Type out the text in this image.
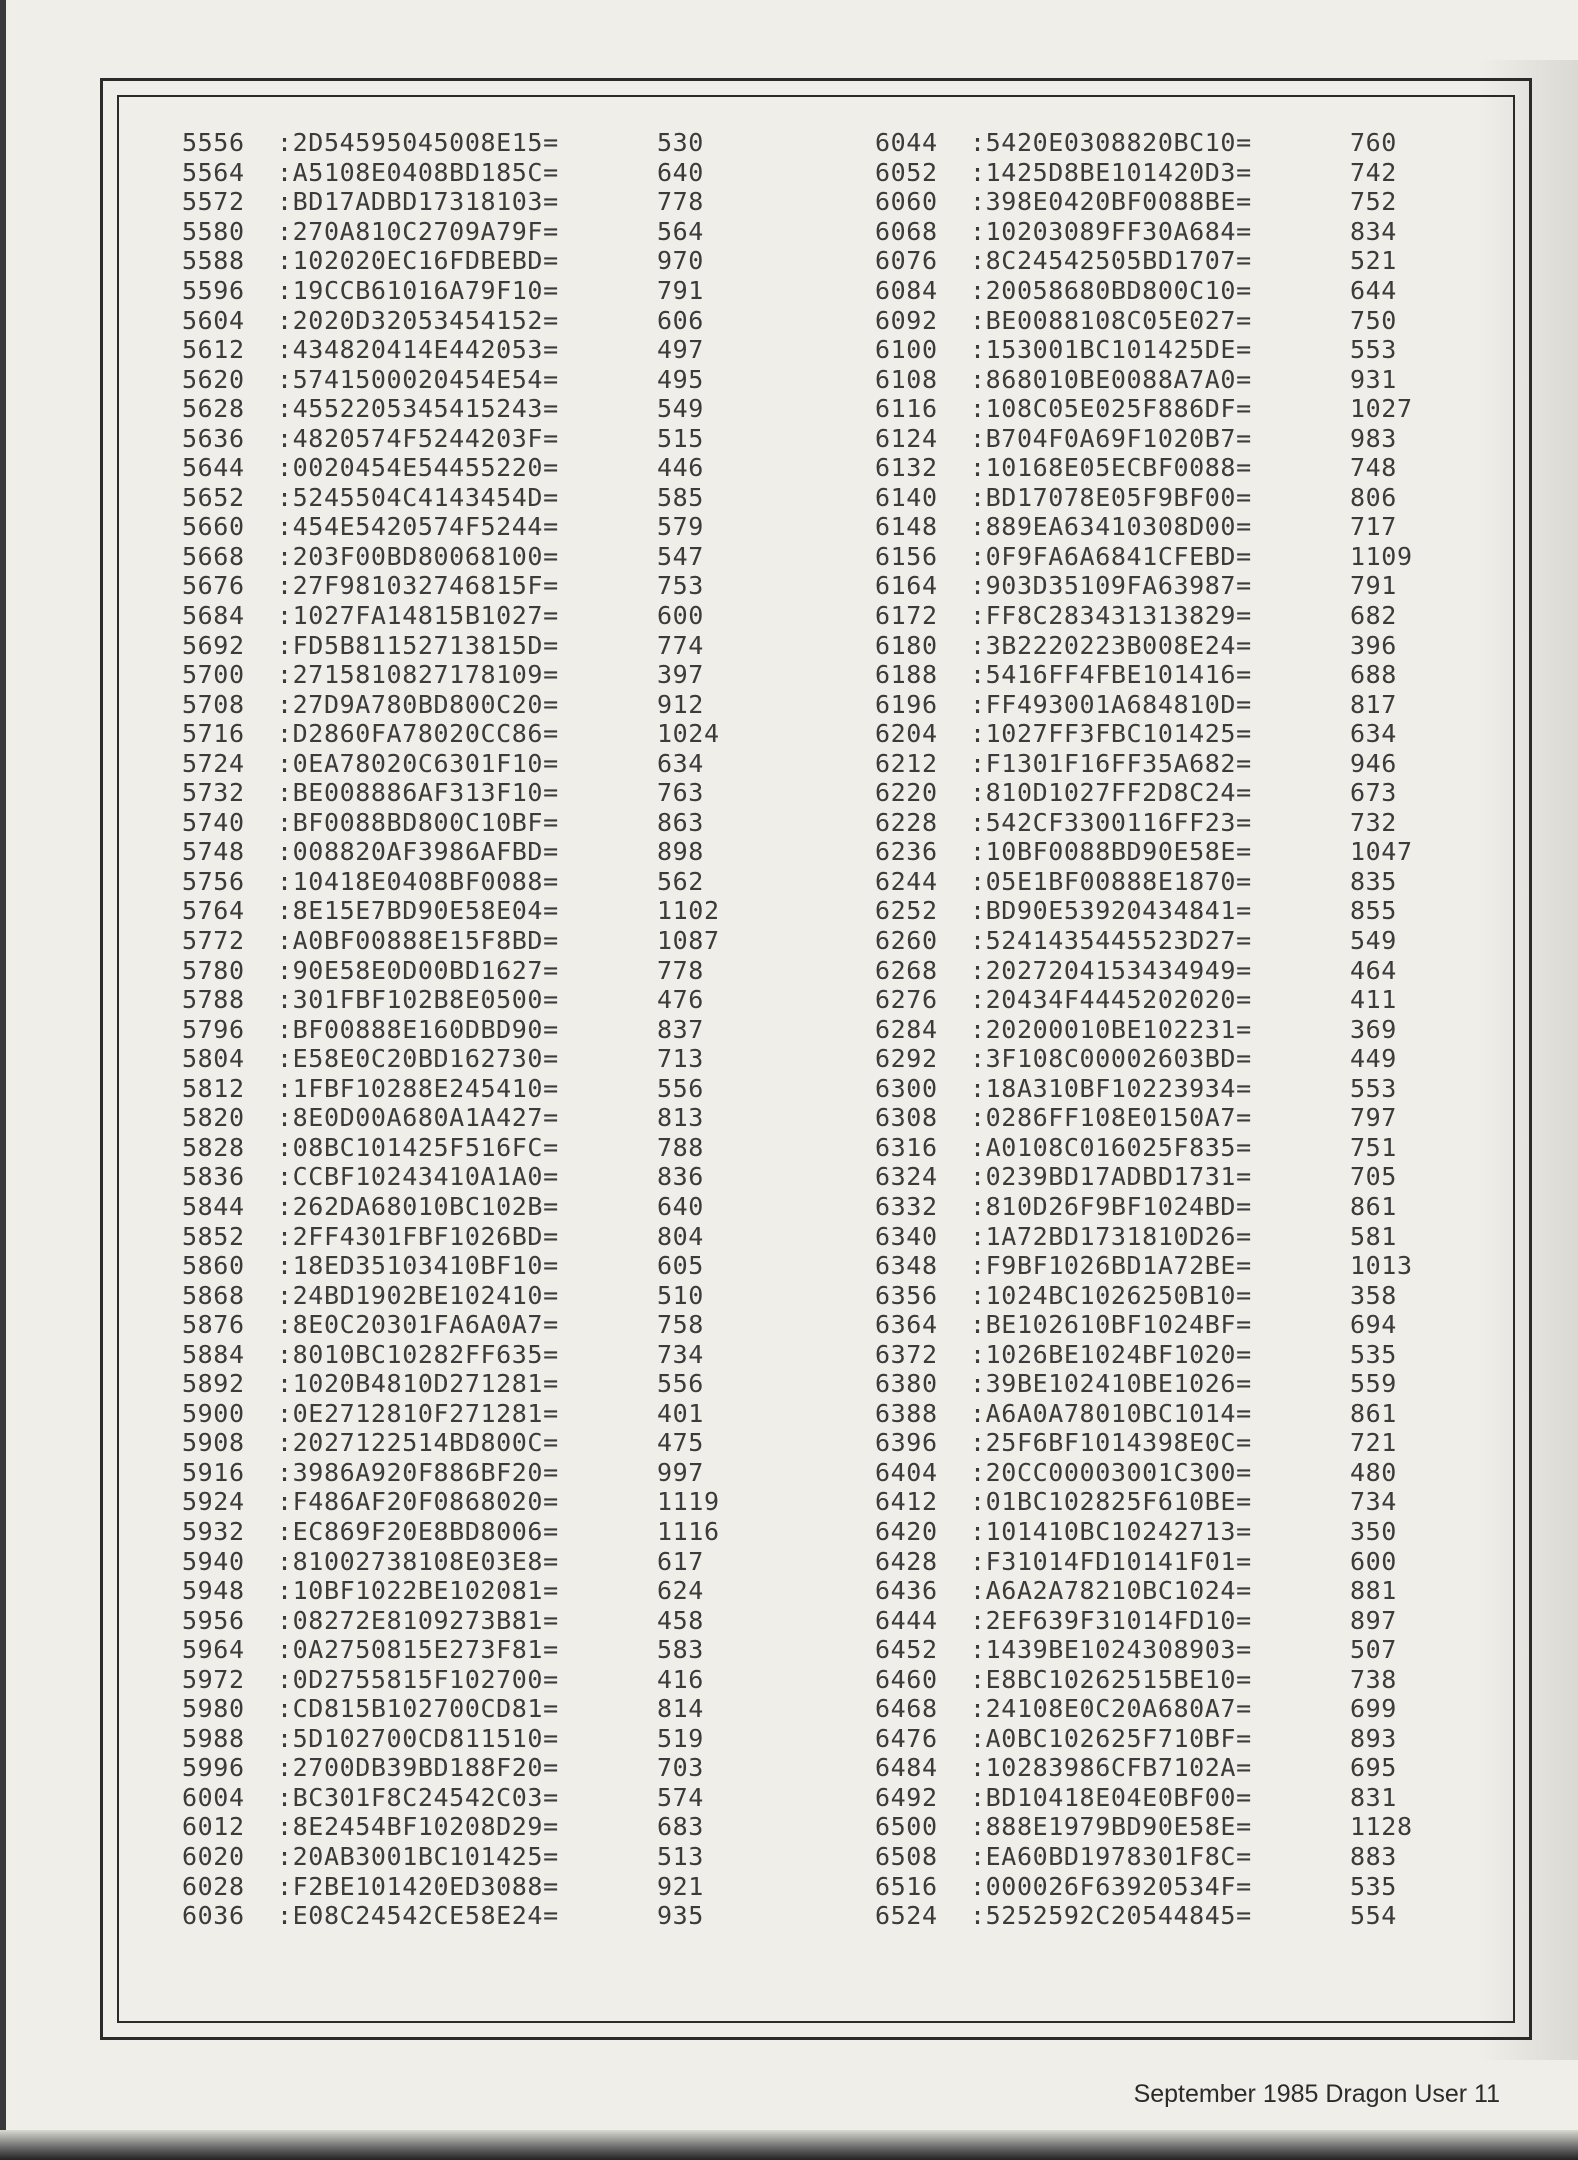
5556	:2D54595045008E15=	530
5564	:A5108E0408BD185C=	640
5572	:BD17ADBD17318103=	778
5580	:270A810C2709A79F=	564
5588	:102020EC16FDBEBD=	970
5596	:19CCB61016A79F10=	791
5604	:2020D32053454152=	606
5612	:434820414E442053=	497
5620	:5741500020454E54=	495
5628	:4552205345415243=	549
5636	:4820574F5244203F=	515
5644	:0020454E54455220=	446
5652	:5245504C4143454D=	585
5660	:454E5420574F5244=	579
5668	:203F00BD80068100=	547
5676	:27F981032746815F=	753
5684	:1027FA14815B1027=	600
5692	:FD5B81152713815D=	774
5700	:2715810827178109=	397
5708	:27D9A780BD800C20=	912
5716	:D2860FA78020CC86=	1024
5724	:0EA78020C6301F10=	634
5732	:BE008886AF313F10=	763
5740	:BF0088BD800C10BF=	863
5748	:008820AF3986AFBD=	898
5756	:10418E0408BF0088=	562
5764	:8E15E7BD90E58E04=	1102
5772	:A0BF00888E15F8BD=	1087
5780	:90E58E0D00BD1627=	778
5788	:301FBF102B8E0500=	476
5796	:BF00888E160DBD90=	837
5804	:E58E0C20BD162730=	713
5812	:1FBF10288E245410=	556
5820	:8E0D00A680A1A427=	813
5828	:08BC101425F516FC=	788
5836	:CCBF10243410A1A0=	836
5844	:262DA68010BC102B=	640
5852	:2FF4301FBF1026BD=	804
5860	:18ED35103410BF10=	605
5868	:24BD1902BE102410=	510
5876	:8E0C20301FA6A0A7=	758
5884	:8010BC10282FF635=	734
5892	:1020B4810D271281=	556
5900	:0E2712810F271281=	401
5908	:2027122514BD800C=	475
5916	:3986A920F886BF20=	997
5924	:F486AF20F0868020=	1119
5932	:EC869F20E8BD8006=	1116
5940	:81002738108E03E8=	617
5948	:10BF1022BE102081=	624
5956	:08272E8109273B81=	458
5964	:0A2750815E273F81=	583
5972	:0D2755815F102700=	416
5980	:CD815B102700CD81=	814
5988	:5D102700CD811510=	519
5996	:2700DB39BD188F20=	703
6004	:BC301F8C24542C03=	574
6012	:8E2454BF10208D29=	683
6020	:20AB3001BC101425=	513
6028	:F2BE101420ED3088=	921
6036	:E08C24542CE58E24=	935
6044	:5420E0308820BC10=	760
6052	:1425D8BE101420D3=	742
6060	:398E0420BF0088BE=	752
6068	:10203089FF30A684=	834
6076	:8C24542505BD1707=	521
6084	:20058680BD800C10=	644
6092	:BE0088108C05E027=	750
6100	:153001BC101425DE=	553
6108	:868010BE0088A7A0=	931
6116	:108C05E025F886DF=	1027
6124	:B704F0A69F1020B7=	983
6132	:10168E05ECBF0088=	748
6140	:BD17078E05F9BF00=	806
6148	:889EA63410308D00=	717
6156	:0F9FA6A6841CFEBD=	1109
6164	:903D35109FA63987=	791
6172	:FF8C283431313829=	682
6180	:3B2220223B008E24=	396
6188	:5416FF4FBE101416=	688
6196	:FF493001A684810D=	817
6204	:1027FF3FBC101425=	634
6212	:F1301F16FF35A682=	946
6220	:810D1027FF2D8C24=	673
6228	:542CF3300116FF23=	732
6236	:10BF0088BD90E58E=	1047
6244	:05E1BF00888E1870=	835
6252	:BD90E53920434841=	855
6260	:5241435445523D27=	549
6268	:2027204153434949=	464
6276	:20434F4445202020=	411
6284	:20200010BE102231=	369
6292	:3F108C00002603BD=	449
6300	:18A310BF10223934=	553
6308	:0286FF108E0150A7=	797
6316	:A0108C016025F835=	751
6324	:0239BD17ADBD1731=	705
6332	:810D26F9BF1024BD=	861
6340	:1A72BD1731810D26=	581
6348	:F9BF1026BD1A72BE=	1013
6356	:1024BC1026250B10=	358
6364	:BE102610BF1024BF=	694
6372	:1026BE1024BF1020=	535
6380	:39BE102410BE1026=	559
6388	:A6A0A78010BC1014=	861
6396	:25F6BF1014398E0C=	721
6404	:20CC00003001C300=	480
6412	:01BC102825F610BE=	734
6420	:101410BC10242713=	350
6428	:F31014FD10141F01=	600
6436	:A6A2A78210BC1024=	881
6444	:2EF639F31014FD10=	897
6452	:1439BE1024308903=	507
6460	:E8BC10262515BE10=	738
6468	:24108E0C20A680A7=	699
6476	:A0BC102625F710BF=	893
6484	:10283986CFB7102A=	695
6492	:BD10418E04E0BF00=	831
6500	:888E1979BD90E58E=	1128
6508	:EA60BD1978301F8C=	883
6516	:000026F63920534F=	535
6524	:5252592C20544845=	554
September 1985 Dragon User 11
